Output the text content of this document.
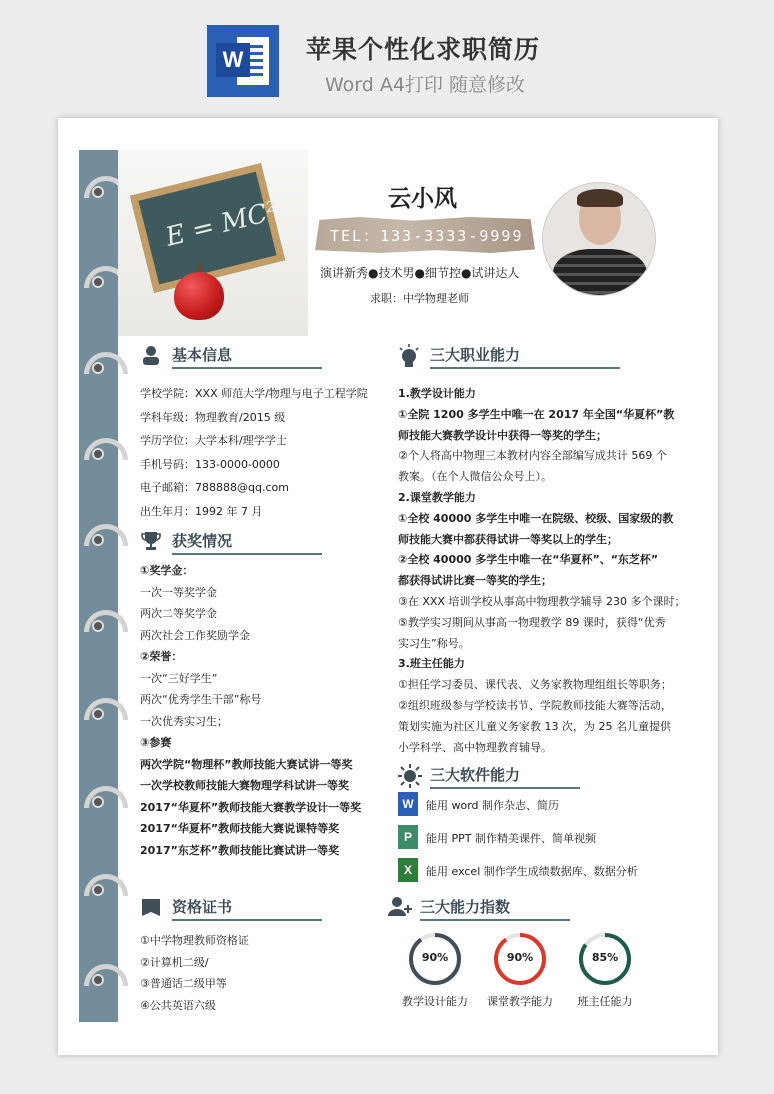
W	苹果个性化求职简历
Word A4打印 随意修改
E = MC²	云小风
TEL：133-3333-9999
演讲新秀●技术男●细节控●试讲达人
求职：中学物理老师
基本信息
学校学院：XXX 师范大学/物理与电子工程学院
学科年级：物理教育/2015 级
学历学位：大学本科/理学学士
手机号码：133-0000-0000
电子邮箱：788888@qq.com
出生年月：1992 年 7 月
获奖情况
①奖学金：
一次一等奖学金
两次二等奖学金
两次社会工作奖励学金
②荣誉：
一次“三好学生”
两次“优秀学生干部”称号
一次优秀实习生；
③参赛
两次学院“物理杯”教师技能大赛试讲一等奖
一次学校教师技能大赛物理学科试讲一等奖
2017“华夏杯”教师技能大赛教学设计一等奖
2017“华夏杯”教师技能大赛说课特等奖
2017”东芝杯”教师技能比赛试讲一等奖
资格证书
①中学物理教师资格证
②计算机二级/
③普通话二级甲等
④公共英语六级
三大职业能力
1.教学设计能力
①全院 1200 多学生中唯一在 2017 年全国“华夏杯”教
师技能大赛教学设计中获得一等奖的学生；
②个人将高中物理三本教材内容全部编写成共计 569 个
教案。（在个人微信公众号上）。
2.课堂教学能力
①全校 40000 多学生中唯一在院级、校级、国家级的教
师技能大赛中都获得试讲一等奖以上的学生；
②全校 40000 多学生中唯一在“华夏杯”、“东芝杯”
都获得试讲比赛一等奖的学生；
③在 XXX 培训学校从事高中物理教学辅导 230 多个课时；
⑤教学实习期间从事高一物理教学 89 课时，获得“优秀
实习生”称号。
3.班主任能力
①担任学习委员、课代表、义务家教物理组组长等职务；
②组织班级参与学校读书节、学院教师技能大赛等活动，
策划实施为社区儿童义务家教 13 次，为 25 名儿童提供
小学科学、高中物理教育辅导。
三大软件能力
W	能用 word 制作杂志、简历
P	能用 PPT 制作精美课件、简单视频
X	能用 excel 制作学生成绩数据库、数据分析
三大能力指数
90%
教学设计能力
90%
课堂教学能力
85%
班主任能力
